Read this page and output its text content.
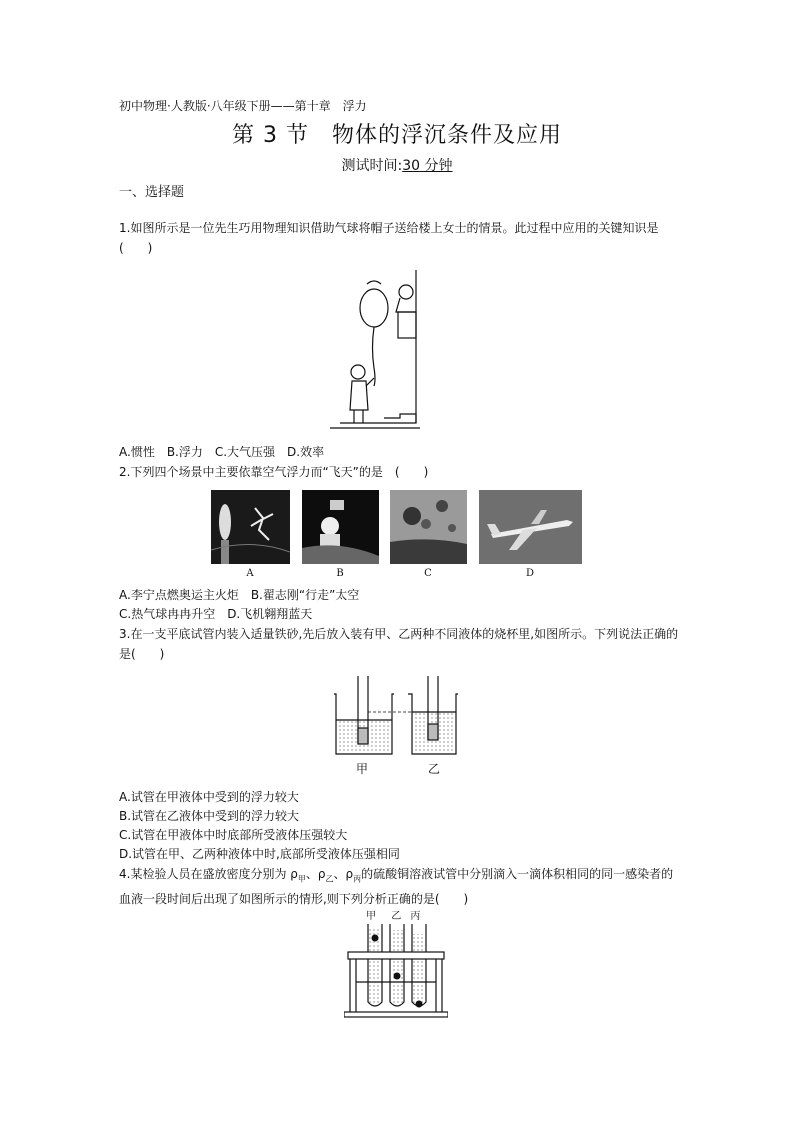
初中物理·人教版·八年级下册——第十章　浮力
第 3 节　物体的浮沉条件及应用
测试时间:30 分钟
一、选择题
1.如图所示是一位先生巧用物理知识借助气球将帽子送给楼上女士的情景。此过程中应用的关键知识是(　　)
A.惯性　B.浮力　C.大气压强　D.效率
2.下列四个场景中主要依靠空气浮力而“飞天”的是　(　　)
A	B	C	D
A.李宁点燃奥运主火炬　B.翟志刚“行走”太空
C.热气球冉冉升空　D.飞机翱翔蓝天
3.在一支平底试管内装入适量铁砂,先后放入装有甲、乙两种不同液体的烧杯里,如图所示。下列说法正确的是(　　)
甲	乙
A.试管在甲液体中受到的浮力较大
B.试管在乙液体中受到的浮力较大
C.试管在甲液体中时底部所受液体压强较大
D.试管在甲、乙两种液体中时,底部所受液体压强相同
4.某检验人员在盛放密度分别为 $\rho_甲$、$\rho_乙$、$\rho_丙$的硫酸铜溶液试管中分别滴入一滴体积相同的同一感染者的血液一段时间后出现了如图所示的情形,则下列分析正确的是(　　)
甲 乙 丙
